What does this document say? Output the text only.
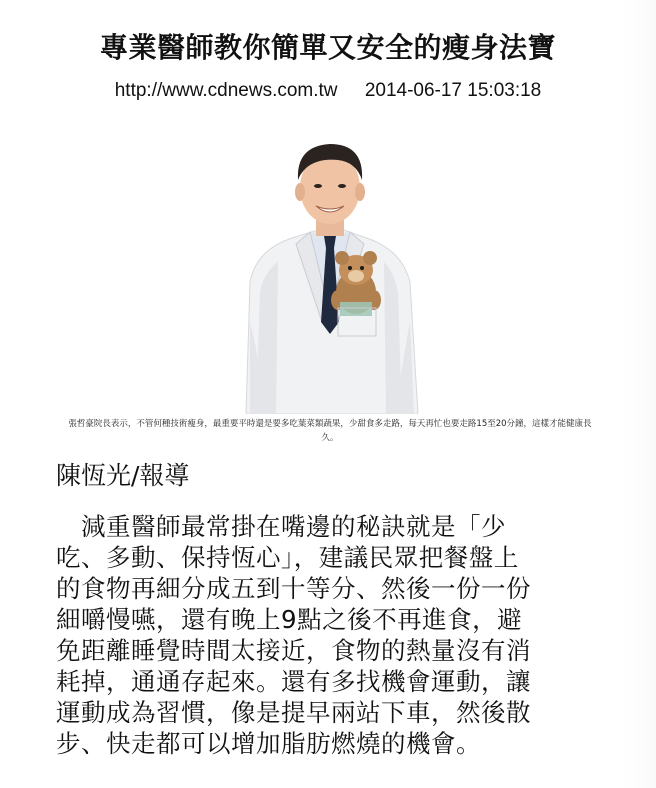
專業醫師教你簡單又安全的瘦身法寶
http://www.cdnews.com.tw 2014-06-17 15:03:18
張哲豪院長表示，不管何種技術瘦身，最重要平時還是要多吃葉菜類蔬果，少甜食多走路，每天再忙也要走路15至20分鐘，這樣才能健康長
久。
陳恆光/報導
　減重醫師最常掛在嘴邊的秘訣就是「少
吃、多動、保持恆心」，建議民眾把餐盤上
的食物再細分成五到十等分、然後一份一份
細嚼慢嚥，還有晚上9點之後不再進食，避
免距離睡覺時間太接近，食物的熱量沒有消
耗掉，通通存起來。還有多找機會運動，讓
運動成為習慣，像是提早兩站下車，然後散
步、快走都可以增加脂肪燃燒的機會。
